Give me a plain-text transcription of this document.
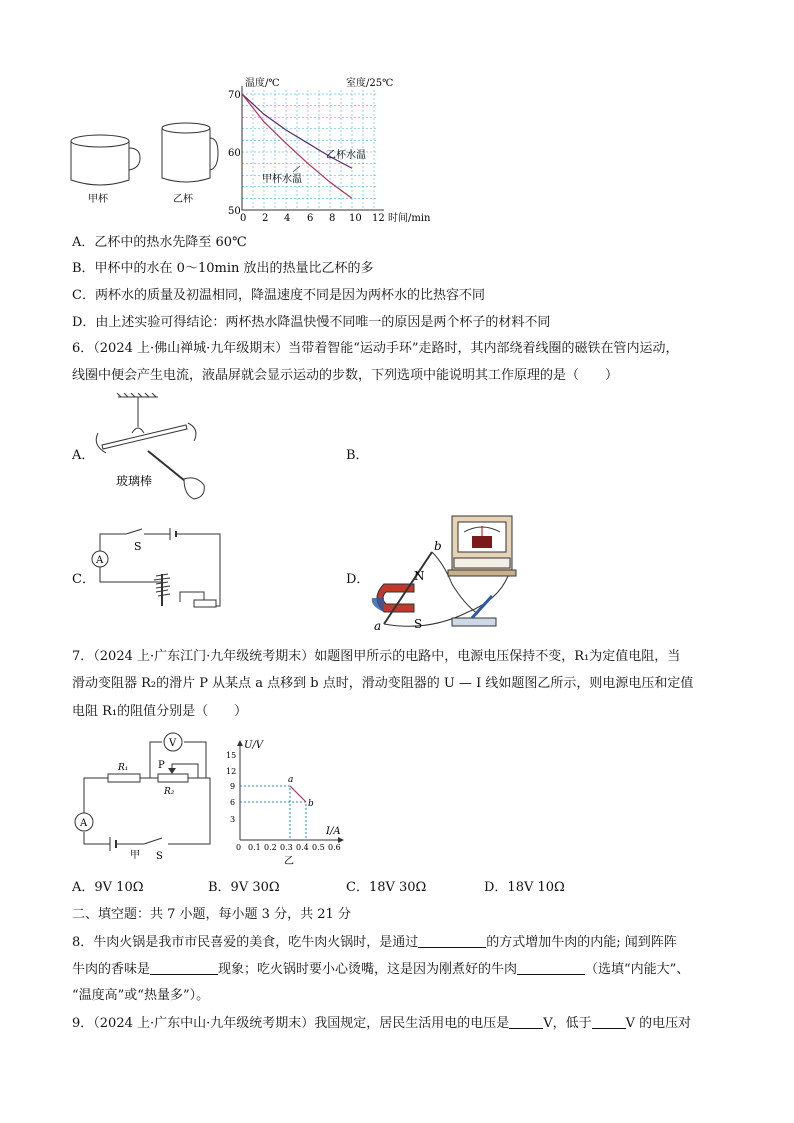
甲杯	乙杯
温度/℃	室度/25℃
时间/min
70
60
50
0 2 4 6 8 10 12
乙杯水温
甲杯水温
A．乙杯中的热水先降至 60℃
B．甲杯中的水在 0～10min 放出的热量比乙杯的多
C．两杯水的质量及初温相同，降温速度不同是因为两杯水的比热容不同
D．由上述实验可得结论：两杯热水降温快慢不同唯一的原因是两个杯子的材料不同
6．（2024 上·佛山禅城·九年级期末）当带着智能“运动手环”走路时，其内部绕着线圈的磁铁在管内运动，
线圈中便会产生电流，液晶屏就会显示运动的步数，下列选项中能说明其工作原理的是（　　）
A．
玻璃棒
B．
C．
A
S
D．	N
S
a
b
7．（2024 上·广东江门·九年级统考期末）如题图甲所示的电路中，电源电压保持不变，R₁为定值电阻，当
滑动变阻器 R₂的滑片 P 从某点 a 点移到 b 点时，滑动变阻器的 U — I 线如题图乙所示，则电源电压和定值
电阻 R₁的阻值分别是（　　）
V
A
R₁	P
R₂
S
甲
U/V
I/A
15
12
9
6
3
0 0.1 0.2 0.3 0.4 0.5 0.6
a
b
乙
A．9V 10Ω	B．9V 30Ω	C．18V 30Ω	D．18V 10Ω
二、填空题：共 7 小题，每小题 3 分，共 21 分
8．牛肉火锅是我市市民喜爱的美食，吃牛肉火锅时，是通过	的方式增加牛肉的内能; 闻到阵阵
牛肉的香味是	现象；吃火锅时要小心烫嘴，这是因为刚煮好的牛肉	（选填“内能大”、
“温度高”或“热量多”）。
9．（2024 上·广东中山·九年级统考期末）我国规定，居民生活用电的电压是	V，低于	V 的电压对
